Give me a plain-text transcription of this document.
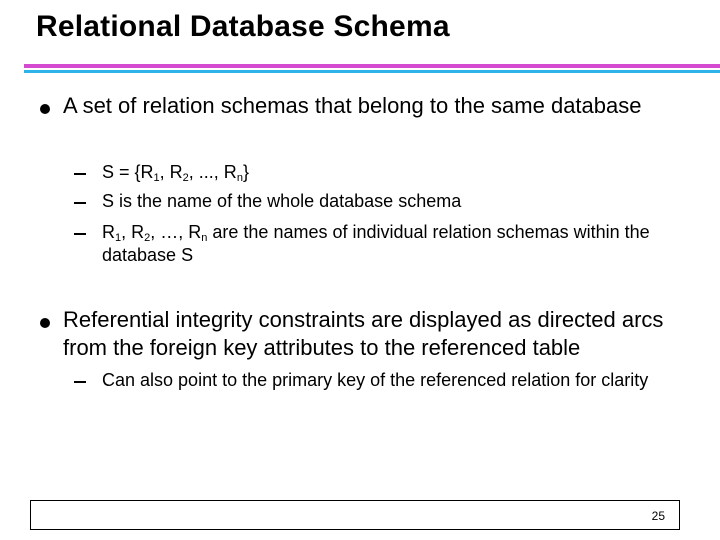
Relational Database Schema
A set of relation schemas that belong to the same database
$S = \{R_1$, $R_2$, ..., $R_n$}
S is the name of the whole database schema
$R_1$, $R_2$, …, $R_n$ are the names of individual relation schemas within the database S
Referential integrity constraints are displayed as directed arcs from the foreign key attributes to the referenced table
Can also point to the primary key of the referenced relation for clarity
25
